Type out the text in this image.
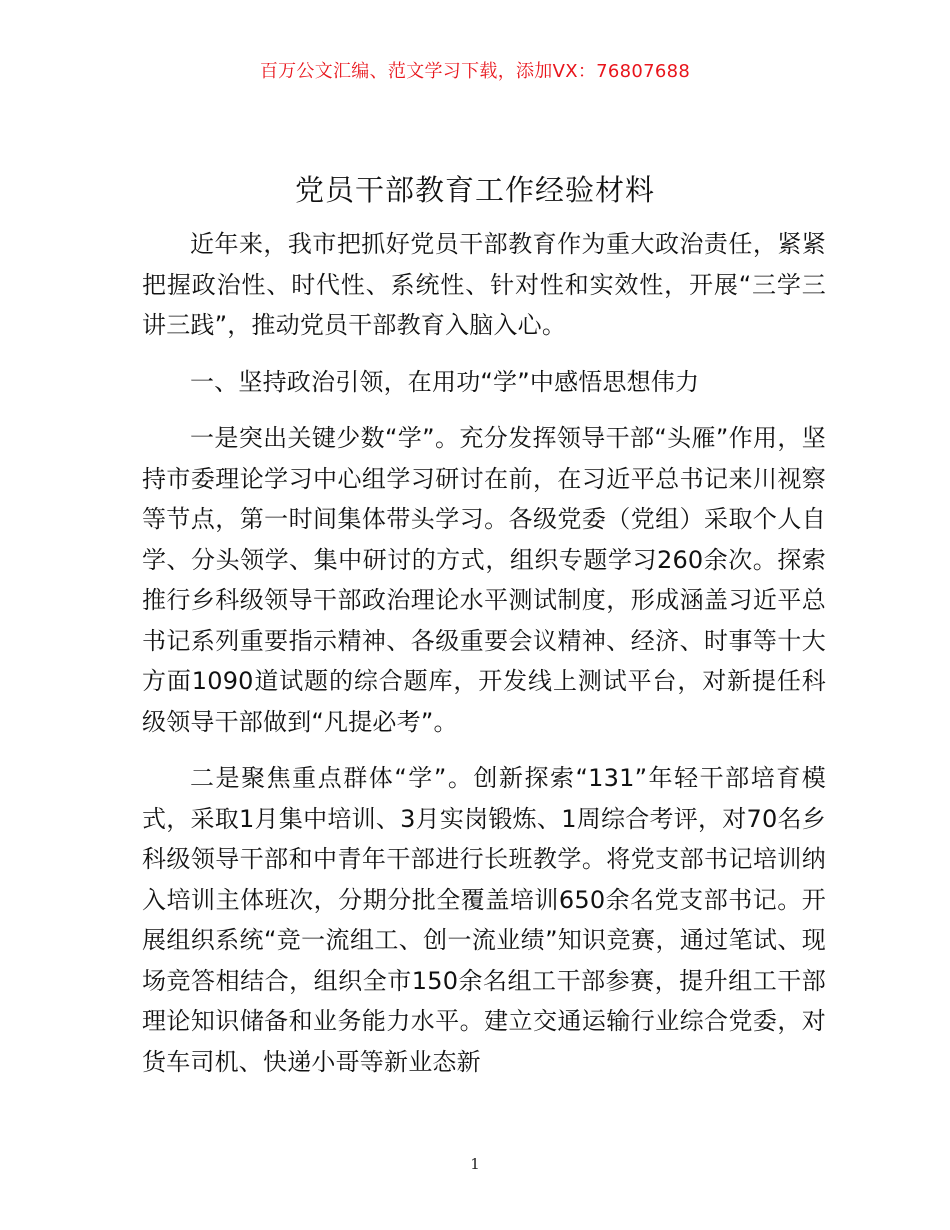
百万公文汇编、范文学习下载，添加VX：76807688
党员干部教育工作经验材料

近年来，我市把抓好党员干部教育作为重大政治责任，紧紧把握政治性、时代性、系统性、针对性和实效性，开展“三学三讲三践”，推动党员干部教育入脑入心。

一、坚持政治引领，在用功“学”中感悟思想伟力

一是突出关键少数“学”。充分发挥领导干部“头雁”作用，坚持市委理论学习中心组学习研讨在前，在习近平总书记来川视察等节点，第一时间集体带头学习。各级党委（党组）采取个人自学、分头领学、集中研讨的方式，组织专题学习260余次。探索推行乡科级领导干部政治理论水平测试制度，形成涵盖习近平总书记系列重要指示精神、各级重要会议精神、经济、时事等十大方面1090道试题的综合题库，开发线上测试平台，对新提任科级领导干部做到“凡提必考”。

二是聚焦重点群体“学”。创新探索“131”年轻干部培育模式，采取1月集中培训、3月实岗锻炼、1周综合考评，对70名乡科级领导干部和中青年干部进行长班教学。将党支部书记培训纳入培训主体班次，分期分批全覆盖培训650余名党支部书记。开展组织系统“竞一流组工、创一流业绩”知识竞赛，通过笔试、现场竞答相结合，组织全市150余名组工干部参赛，提升组工干部理论知识储备和业务能力水平。建立交通运输行业综合党委，对货车司机、快递小哥等新业态新

1
